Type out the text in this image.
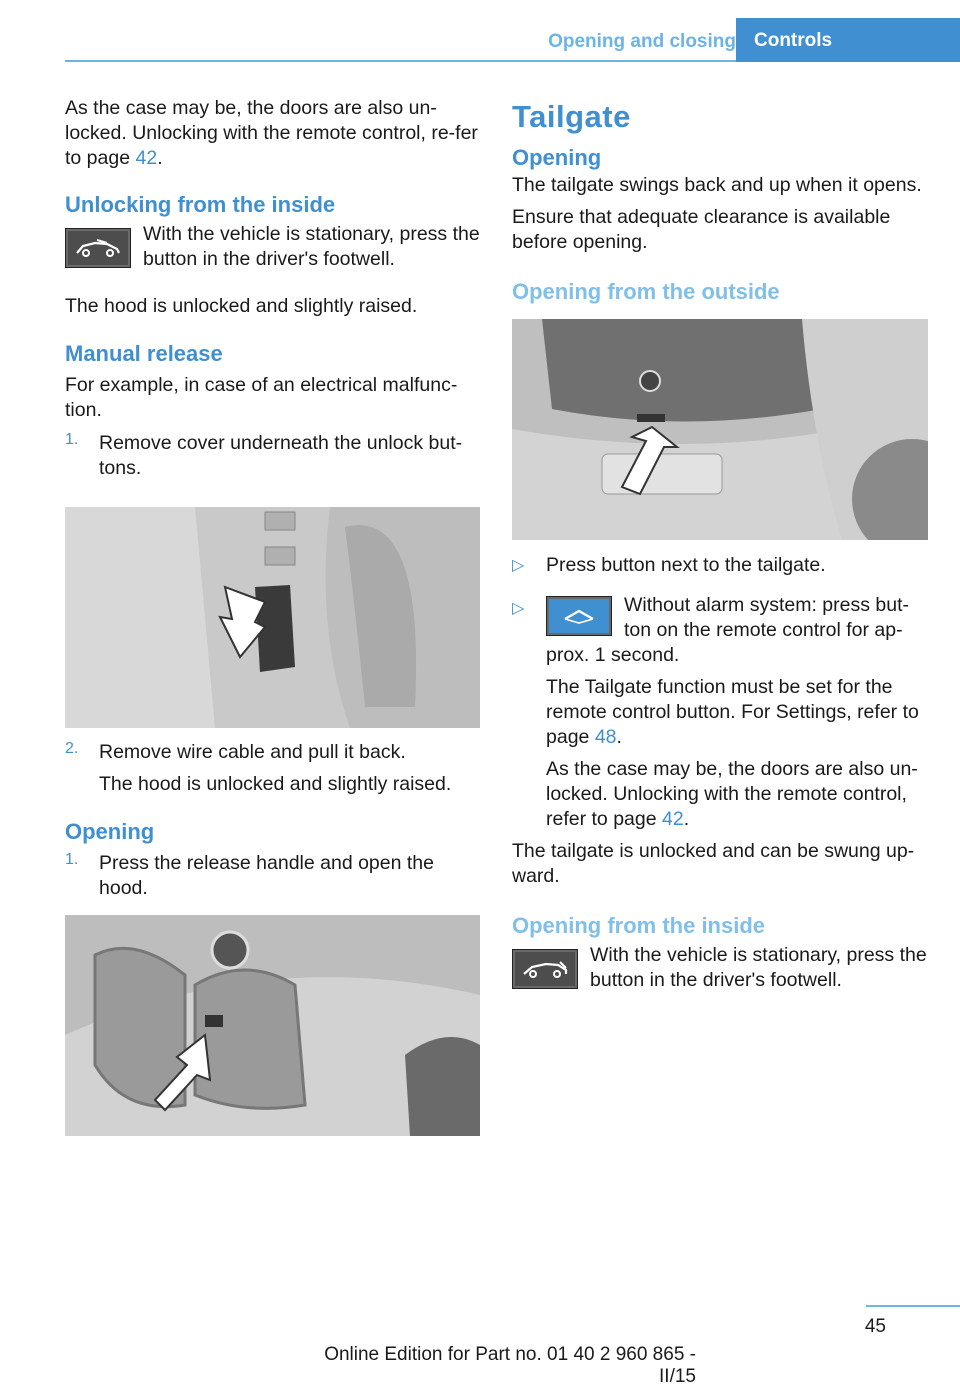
Opening and closing Controls

As the case may be, the doors are also un-locked. Unlocking with the remote control, re-fer to page 42.

Unlocking from the inside

With the vehicle is stationary, press the button in the driver's footwell.

The hood is unlocked and slightly raised.

Manual release

For example, in case of an electrical malfunc-tion.

1.	Remove cover underneath the unlock but-tons.

2.	Remove wire cable and pull it back.

The hood is unlocked and slightly raised.

Opening
1.	Press the release handle and open the hood.

Tailgate
Opening

The tailgate swings back and up when it opens.

Ensure that adequate clearance is available before opening.

Opening from the outside
▷	Press button next to the tailgate.

▷	Without alarm system: press but-ton on the remote control for ap-

prox. 1 second.

The Tailgate function must be set for the remote control button. For Settings, refer to page 48.

As the case may be, the doors are also un-locked. Unlocking with the remote control, refer to page 42.

The tailgate is unlocked and can be swung up-ward.

Opening from the inside

With the vehicle is stationary, press the button in the driver's footwell.

45
Online Edition for Part no. 01 40 2 960 865 - II/15
